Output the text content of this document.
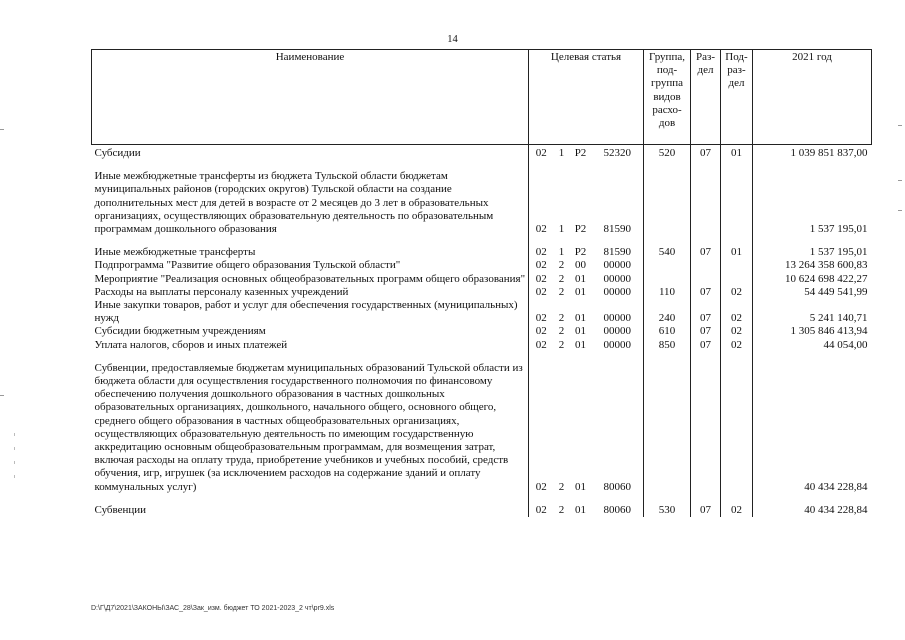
14
Наименование	Целевая статья				Группа, под-группа видов расхо-дов	Раз-дел	Под-раз-дел	2021 год
Субсидии	02	1	P2	52320	520	07	01	1 039 851 837,00
Иные межбюджетные трансферты из бюджета Тульской области бюджетам муниципальных районов (городских округов) Тульской области на создание дополнительных мест для детей в возрасте от 2 месяцев до 3 лет в образовательных организациях, осуществляющих образовательную деятельность по образовательным программам дошкольного образования	02	1	P2	81590				1 537 195,01
Иные межбюджетные трансферты	02	1	P2	81590	540	07	01	1 537 195,01
Подпрограмма "Развитие общего образования Тульской области"	02	2	00	00000				13 264 358 600,83
Мероприятие "Реализация основных общеобразовательных программ общего образования"	02	2	01	00000				10 624 698 422,27
Расходы на выплаты персоналу казенных учреждений	02	2	01	00000	110	07	02	54 449 541,99
Иные закупки товаров, работ и услуг для обеспечения государственных (муниципальных) нужд	02	2	01	00000	240	07	02	5 241 140,71
Субсидии бюджетным учреждениям	02	2	01	00000	610	07	02	1 305 846 413,94
Уплата налогов, сборов и иных платежей	02	2	01	00000	850	07	02	44 054,00
Субвенции, предоставляемые бюджетам муниципальных образований Тульской области из бюджета области для осуществления государственного полномочия по финансовому обеспечению получения дошкольного образования в частных дошкольных образовательных организациях, дошкольного, начального общего, основного общего, среднего общего образования в частных общеобразовательных организациях, осуществляющих образовательную деятельность по имеющим государственную аккредитацию основным общеобразовательным программам, для возмещения затрат, включая расходы на оплату труда, приобретение учебников и учебных пособий, средств обучения, игр, игрушек (за исключением расходов на содержание зданий и оплату коммунальных услуг)	02	2	01	80060				40 434 228,84
Субвенции	02	2	01	80060	530	07	02	40 434 228,84
D:\Г\Д7\2021\ЗАКОНЫ\ЗАС_28\Зак_изм. бюджет ТО 2021-2023_2 чт\pr9.xls
